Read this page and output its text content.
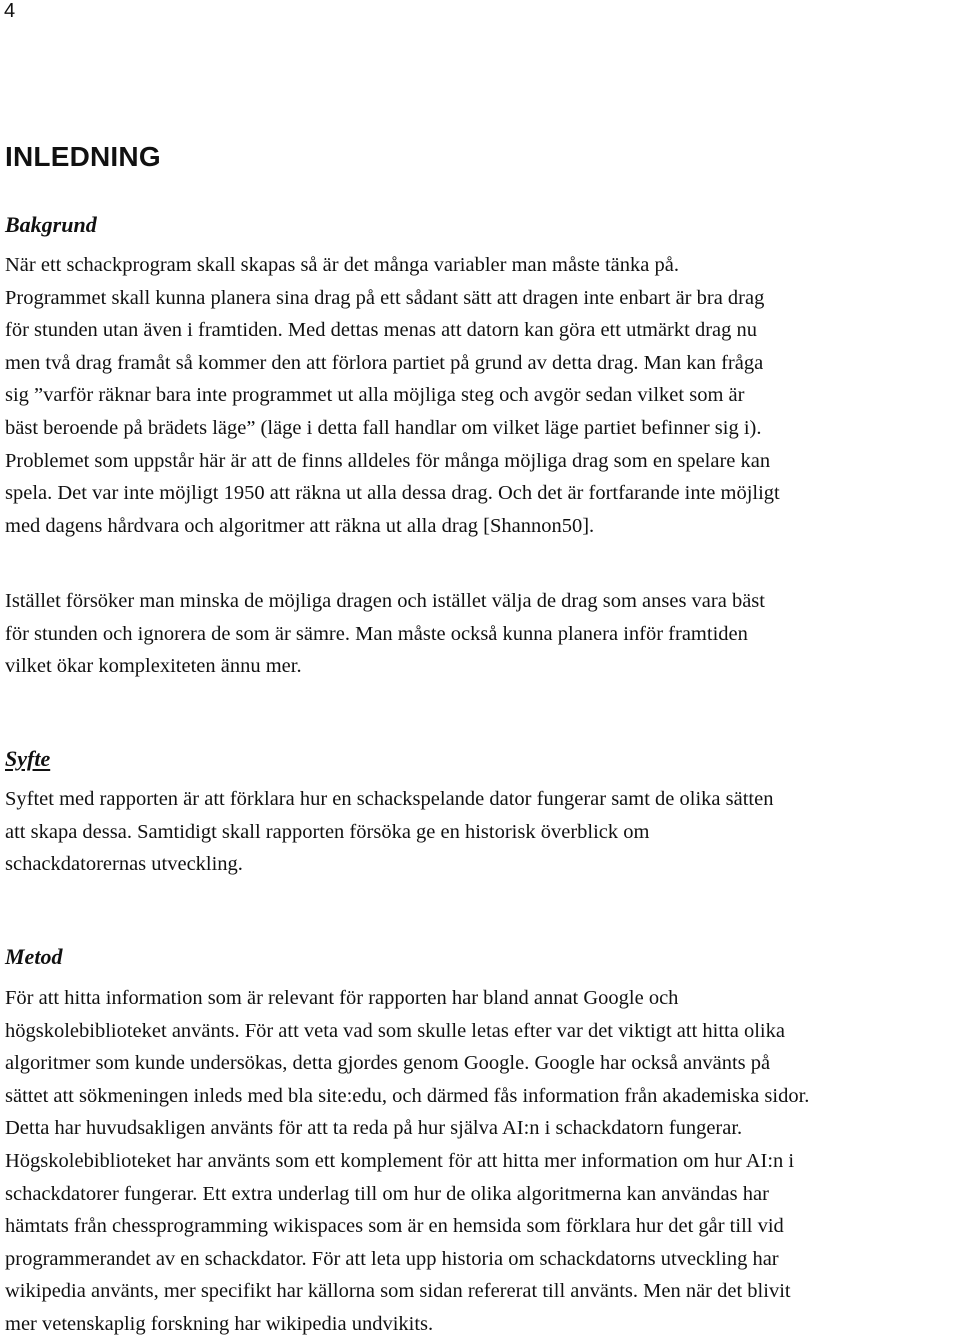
4
INLEDNING
Bakgrund

När ett schackprogram skall skapas så är det många variabler man måste tänka på.
Programmet skall kunna planera sina drag på ett sådant sätt att dragen inte enbart är bra drag
för stunden utan även i framtiden. Med dettas menas att datorn kan göra ett utmärkt drag nu
men två drag framåt så kommer den att förlora partiet på grund av detta drag. Man kan fråga
sig ”varför räknar bara inte programmet ut alla möjliga steg och avgör sedan vilket som är
bäst beroende på brädets läge” (läge i detta fall handlar om vilket läge partiet befinner sig i).
Problemet som uppstår här är att de finns alldeles för många möjliga drag som en spelare kan
spela. Det var inte möjligt 1950 att räkna ut alla dessa drag. Och det är fortfarande inte möjligt
med dagens hårdvara och algoritmer att räkna ut alla drag [Shannon50].

Istället försöker man minska de möjliga dragen och istället välja de drag som anses vara bäst
för stunden och ignorera de som är sämre. Man måste också kunna planera inför framtiden
vilket ökar komplexiteten ännu mer.

Syfte

Syftet med rapporten är att förklara hur en schackspelande dator fungerar samt de olika sätten
att skapa dessa. Samtidigt skall rapporten försöka ge en historisk överblick om
schackdatorernas utveckling.

Metod

För att hitta information som är relevant för rapporten har bland annat Google och
högskolebiblioteket använts. För att veta vad som skulle letas efter var det viktigt att hitta olika
algoritmer som kunde undersökas, detta gjordes genom Google. Google har också använts på
sättet att sökmeningen inleds med bla site:edu, och därmed fås information från akademiska sidor.
Detta har huvudsakligen använts för att ta reda på hur själva AI:n i schackdatorn fungerar.
Högskolebiblioteket har använts som ett komplement för att hitta mer information om hur AI:n i
schackdatorer fungerar. Ett extra underlag till om hur de olika algoritmerna kan användas har
hämtats från chessprogramming wikispaces som är en hemsida som förklara hur det går till vid
programmerandet av en schackdator. För att leta upp historia om schackdatorns utveckling har
wikipedia använts, mer specifikt har källorna som sidan refererat till använts. Men när det blivit
mer vetenskaplig forskning har wikipedia undvikits.
